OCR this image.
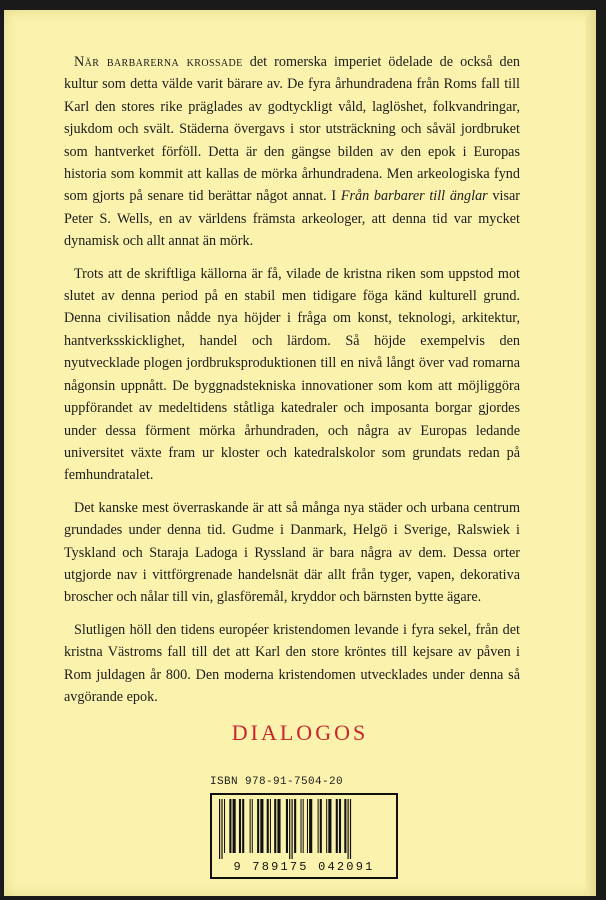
När barbarerna krossade det romerska imperiet ödelade de också den kultur som detta välde varit bärare av. De fyra århundradena från Roms fall till Karl den stores rike präglades av godtyckligt våld, laglöshet, folkvandringar, sjukdom och svält. Städerna övergavs i stor utsträckning och såväl jordbruket som hantverket förföll. Detta är den gängse bilden av den epok i Europas historia som kommit att kallas de mörka århundradena. Men arkeologiska fynd som gjorts på senare tid berättar något annat. I Från barbarer till änglar visar Peter S. Wells, en av världens främsta arkeologer, att denna tid var mycket dynamisk och allt annat än mörk.

Trots att de skriftliga källorna är få, vilade de kristna riken som uppstod mot slutet av denna period på en stabil men tidigare föga känd kulturell grund. Denna civilisation nådde nya höjder i fråga om konst, teknologi, arkitektur, hantverksskicklighet, handel och lärdom. Så höjde exempelvis den nyutvecklade plogen jordbruksproduktionen till en nivå långt över vad romarna någonsin uppnått. De byggnadstekniska innovationer som kom att möjliggöra uppförandet av medeltidens ståtliga katedraler och imposanta borgar gjordes under dessa förment mörka århundraden, och några av Europas ledande universitet växte fram ur kloster och katedralskolor som grundats redan på femhundratalet.

Det kanske mest överraskande är att så många nya städer och urbana centrum grundades under denna tid. Gudme i Danmark, Helgö i Sverige, Ralswiek i Tyskland och Staraja Ladoga i Ryssland är bara några av dem. Dessa orter utgjorde nav i vittförgrenade handelsnät där allt från tyger, vapen, dekorativa broscher och nålar till vin, glasföremål, kryddor och bärnsten bytte ägare.

Slutligen höll den tidens européer kristendomen levande i fyra sekel, från det kristna Västroms fall till det att Karl den store kröntes till kejsare av påven i Rom juldagen år 800. Den moderna kristendomen utvecklades under denna så avgörande epok.

DIALOGOS
ISBN 978-91-7504-20
9 789175 042091
